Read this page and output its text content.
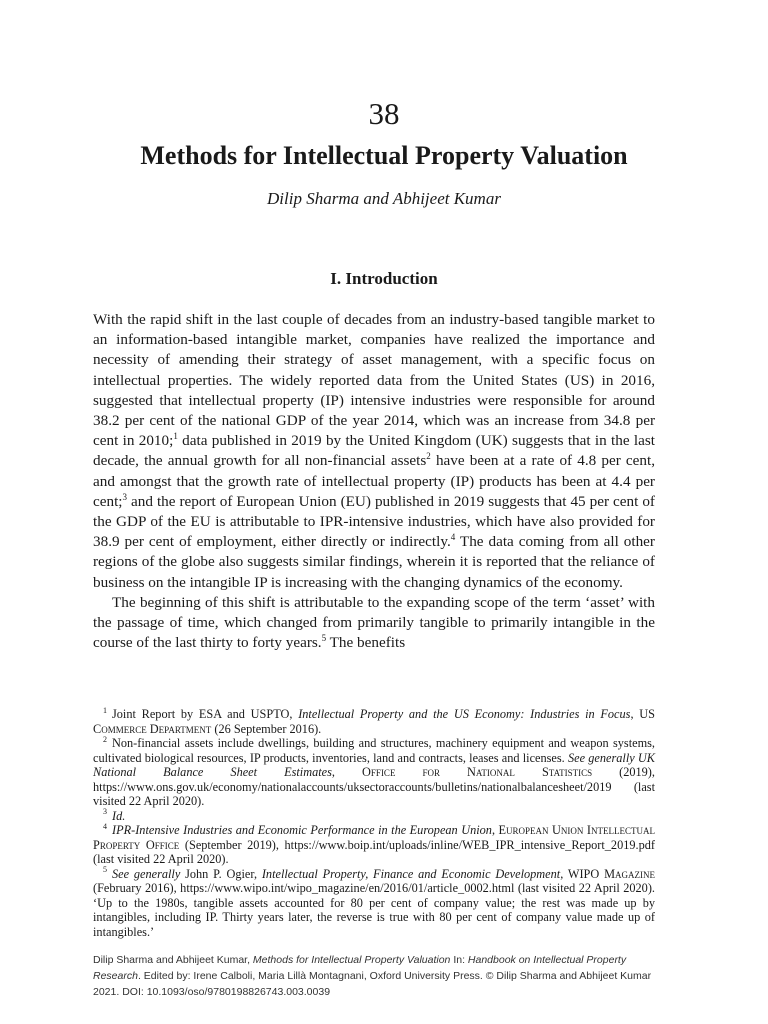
38
Methods for Intellectual Property Valuation

Dilip Sharma and Abhijeet Kumar

I. Introduction

With the rapid shift in the last couple of decades from an industry-based tangible market to an information-based intangible market, companies have realized the importance and necessity of amending their strategy of asset management, with a specific focus on intellectual properties. The widely reported data from the United States (US) in 2016, suggested that intellectual property (IP) intensive industries were responsible for around 38.2 per cent of the national GDP of the year 2014, which was an increase from 34.8 per cent in 2010;$^1$ data published in 2019 by the United Kingdom (UK) suggests that in the last decade, the annual growth for all non-financial assets$^2$ have been at a rate of 4.8 per cent, and amongst that the growth rate of intellectual property (IP) products has been at 4.4 per cent;$^3$ and the report of European Union (EU) published in 2019 suggests that 45 per cent of the GDP of the EU is attributable to IPR-intensive industries, which have also provided for 38.9 per cent of employment, either directly or indirectly.$^4$ The data coming from all other regions of the globe also suggests similar findings, wherein it is reported that the reliance of business on the intangible IP is increasing with the changing dynamics of the economy.

The beginning of this shift is attributable to the expanding scope of the term ‘asset’ with the passage of time, which changed from primarily tangible to primarily intangible in the course of the last thirty to forty years.$^5$ The benefits

$^1$ Joint Report by ESA and USPTO, Intellectual Property and the US Economy: Industries in Focus, US Commerce Department (26 September 2016).

$^2$ Non-financial assets include dwellings, building and structures, machinery equipment and weapon systems, cultivated biological resources, IP products, inventories, land and contracts, leases and licenses. See generally UK National Balance Sheet Estimates, Office for National Statistics (2019), https://www.ons.gov.uk/economy/nationalaccounts/uksectoraccounts/bulletins/nationalbalancesheet/2019 (last visited 22 April 2020).

$^3$ Id.

$^4$ IPR-Intensive Industries and Economic Performance in the European Union, European Union Intellectual Property Office (September 2019), https://www.boip.int/uploads/inline/WEB_IPR_intensive_Report_2019.pdf (last visited 22 April 2020).

$^5$ See generally John P. Ogier, Intellectual Property, Finance and Economic Development, WIPO Magazine (February 2016), https://www.wipo.int/wipo_magazine/en/2016/01/article_0002.html (last visited 22 April 2020). ‘Up to the 1980s, tangible assets accounted for 80 per cent of company value; the rest was made up by intangibles, including IP. Thirty years later, the reverse is true with 80 per cent of company value made up of intangibles.’

Dilip Sharma and Abhijeet Kumar, Methods for Intellectual Property Valuation In: Handbook on Intellectual Property Research. Edited by: Irene Calboli, Maria Lillà Montagnani, Oxford University Press. © Dilip Sharma and Abhijeet Kumar 2021. DOI: 10.1093/oso/9780198826743.003.0039
